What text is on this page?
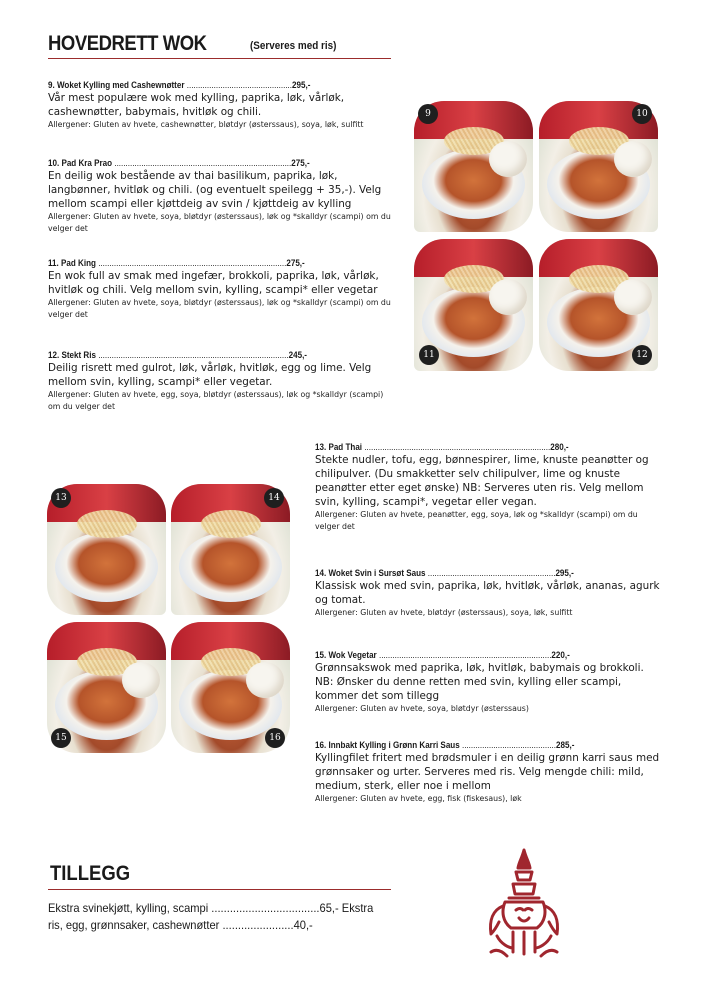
HOVEDRETT WOK	(Serveres med ris)
9. Woket Kylling med Cashewnøtter ...............................................295,-
Vår mest populære wok med kylling, paprika, løk, vårløk, cashewnøtter, babymais, hvitløk og chili.
Allergener: Gluten av hvete, cashewnøtter, bløtdyr (østerssaus), soya, løk, sulfitt
10. Pad Kra Prao ...............................................................................275,-
En deilig wok bestående av thai basilikum, paprika, løk, langbønner, hvitløk og chili. (og eventuelt speilegg + 35,-). Velg mellom scampi eller kjøttdeig av svin / kjøttdeig av kylling
Allergener: Gluten av hvete, soya, bløtdyr (østerssaus), løk og *skalldyr (scampi) om du velger det
11. Pad King ....................................................................................275,-
En wok full av smak med ingefær, brokkoli, paprika, løk, vårløk, hvitløk og chili. Velg mellom svin, kylling, scampi* eller vegetar
Allergener: Gluten av hvete, soya, bløtdyr (østerssaus), løk og *skalldyr (scampi) om du velger det
12. Stekt Ris .....................................................................................245,-
Deilig risrett med gulrot, løk, vårløk, hvitløk, egg og lime. Velg mellom svin, kylling, scampi* eller vegetar.
Allergener: Gluten av hvete, egg, soya, bløtdyr (østerssaus), løk og *skalldyr (scampi) om du velger det
9	10
11	12
13. Pad Thai ...................................................................................280,-
Stekte nudler, tofu, egg, bønnespirer, lime, knuste peanøtter og chilipulver. (Du smakketter selv chilipulver, lime og knuste peanøtter etter eget ønske) NB: Serveres uten ris. Velg mellom svin, kylling, scampi*, vegetar eller vegan.
Allergener: Gluten av hvete, peanøtter, egg, soya, løk og *skalldyr (scampi) om du velger det
14. Woket Svin i Sursøt Saus .........................................................295,-
Klassisk wok med svin, paprika, løk, hvitløk, vårløk, ananas, agurk og tomat.
Allergener: Gluten av hvete, bløtdyr (østerssaus), soya, løk, sulfitt
15. Wok Vegetar .............................................................................220,-
Grønnsakswok med paprika, løk, hvitløk, babymais og brokkoli. NB: Ønsker du denne retten med svin, kylling eller scampi, kommer det som tillegg
Allergener: Gluten av hvete, soya, bløtdyr (østerssaus)
16. Innbakt Kylling i Grønn Karri Saus ..........................................285,-
Kyllingfilet fritert med brødsmuler i en deilig grønn karri saus med grønnsaker og urter. Serveres med ris. Velg mengde chili: mild, medium, sterk, eller noe i mellom
Allergener: Gluten av hvete, egg, fisk (fiskesaus), løk
13	14
15	16
TILLEGG
Ekstra svinekjøtt, kylling, scampi ...................................65,- Ekstra ris, egg, grønnsaker, cashewnøtter .......................40,-
